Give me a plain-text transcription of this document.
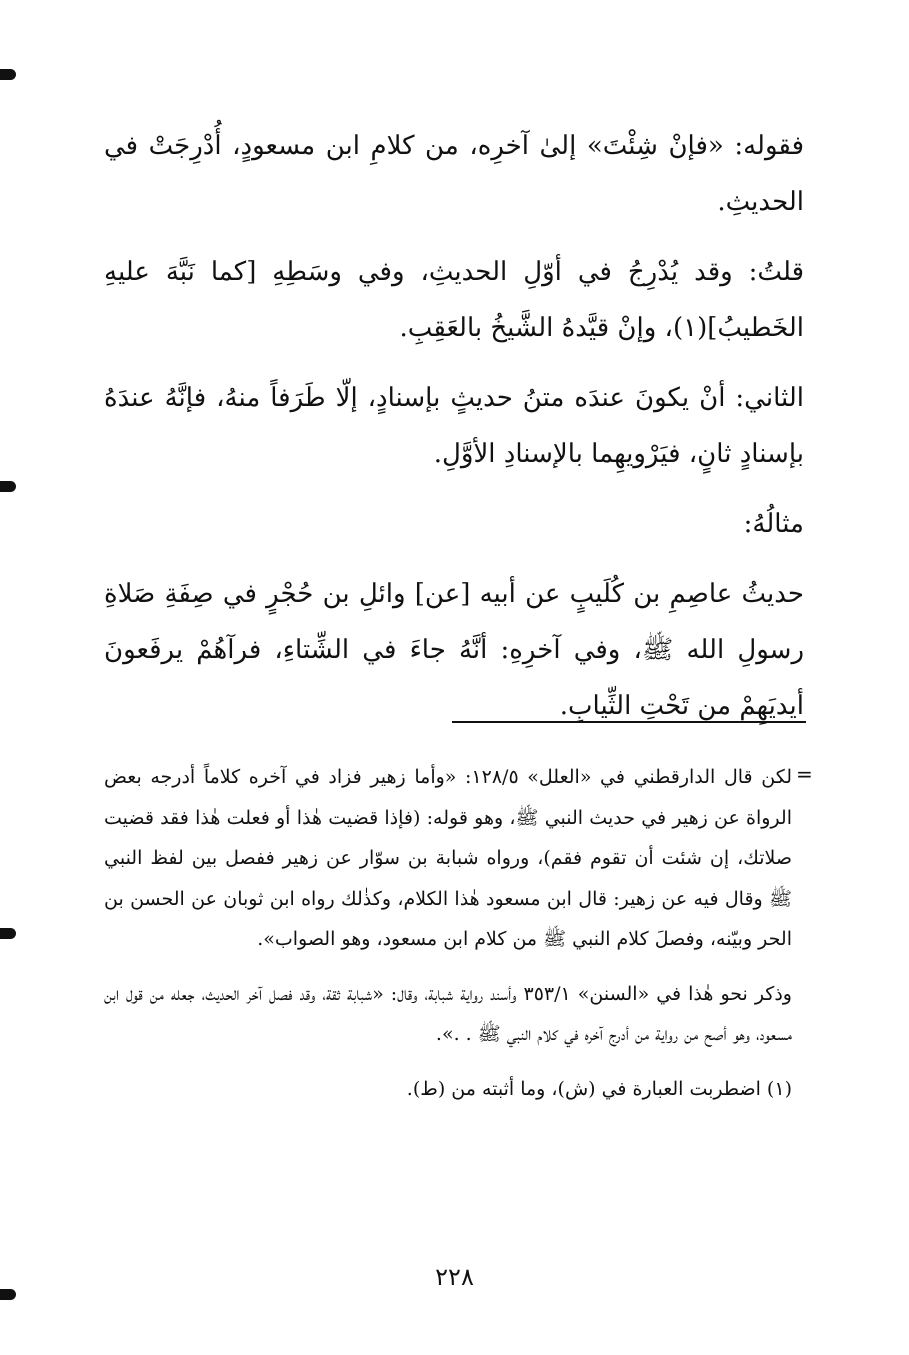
فقوله: «فإنْ شِئْتَ» إلىٰ آخرِه، من كلامِ ابن مسعودٍ، أُدْرِجَتْ في الحديثِ.

قلتُ: وقد يُدْرِجُ في أوّلِ الحديثِ، وفي وسَطِهِ [كما نَبَّهَ عليهِ الخَطيبُ](١)، وإنْ قيَّدهُ الشَّيخُ بالعَقِبِ.

الثاني: أنْ يكونَ عندَه متنُ حديثٍ بإسنادٍ، إلّا طَرَفاً منهُ، فإنَّهُ عندَهُ بإسنادٍ ثانٍ، فيَرْويهِما بالإسنادِ الأوَّلِ.

مثالُهُ:

حديثُ عاصِمِ بن كُلَيبٍ عن أبيه [عن] وائلِ بن حُجْرٍ في صِفَةِ صَلاةِ رسولِ الله ﷺ، وفي آخرِهِ: أنَّهُ جاءَ في الشِّتاءِ، فرآهُمْ يرفَعونَ أيديَهِمْ من تَحْتِ الثِّيابِ.

=

لكن قال الدارقطني في «العلل» ١٢٨/٥: «وأما زهير فزاد في آخره كلاماً أدرجه بعض الرواة عن زهير في حديث النبي ﷺ، وهو قوله: (فإذا قضيت هٰذا أو فعلت هٰذا فقد قضيت صلاتك، إن شئت أن تقوم فقم)، ورواه شبابة بن سوّار عن زهير ففصل بين لفظ النبي ﷺ وقال فيه عن زهير: قال ابن مسعود هٰذا الكلام، وكذٰلك رواه ابن ثوبان عن الحسن بن الحر وبيّنه، وفصلَ كلام النبي ﷺ من كلام ابن مسعود، وهو الصواب».

وذكر نحو هٰذا في «السنن» ٣٥٣/١ وأسند رواية شبابة، وقال: «شبابة ثقة، وقد فصل آخر الحديث، جعله من قول ابن مسعود، وهو أصح من رواية من أدرج آخره في كلام النبي ﷺ . .».

(١) اضطربت العبارة في (ش)، وما أثبته من (ط).

٢٢٨
